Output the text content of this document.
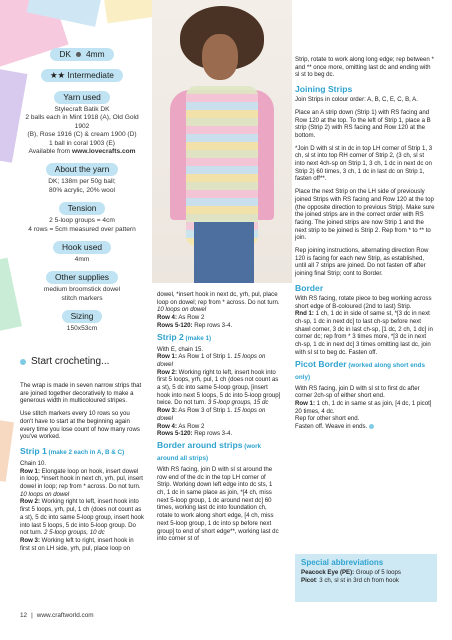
DK 4mm
★★ Intermediate
Yarn used
Stylecraft Batik DK
2 balls each in Mint 1918 (A), Old Gold 1902
(B), Rose 1916 (C) & cream 1900 (D)
1 ball in coral 1903 (E)
Available from www.lovecrafts.com
About the yarn
DK; 138m per 50g ball;
80% acrylic, 20% wool
Tension
2 5-loop groups = 4cm
4 rows = 5cm measured over pattern
Hook used
4mm
Other supplies
medium broomstick dowel
stitch markers
Sizing
150x53cm
Start crocheting...

The wrap is made in seven narrow strips that are joined together decoratively to make a generous width in multicoloured stripes.

Use stitch markers every 10 rows so you don't have to start at the beginning again every time you lose count of how many rows you've worked.

Strip 1 (make 2 each in A, B & C)
Chain 10.
Row 1: Elongate loop on hook, insert dowel in loop, *insert hook in next ch, yrh, pul, insert dowel in loop; rep from * across. Do not turn. 10 loops on dowel
Row 2: Working right to left, insert hook into first 5 loops, yrh, pul, 1 ch (does not count as a st), 5 dc into same 5-loop group, insert hook into last 5 loops, 5 dc into 5-loop group. Do not turn. 2 5-loop groups, 10 dc
Row 3: Working left to right, insert hook in first st on LH side, yrh, pul, place loop on
dowel, *insert hook in next dc, yrh, pul, place loop on dowel; rep from * across. Do not turn. 10 loops on dowel
Row 4: As Row 2
Rows 5-120: Rep rows 3-4.
Strip 2 (make 1)
With E, chain 15.
Row 1: As Row 1 of Strip 1. 15 loops on dowel
Row 2: Working right to left, insert hook into first 5 loops, yrh, pul, 1 ch (does not count as a st), 5 dc into same 5-loop group, [insert hook into next 5 loops, 5 dc into 5-loop group] twice. Do not turn. 3 5-loop groups, 15 dc
Row 3: As Row 3 of Strip 1. 15 loops on dowel
Row 4: As Row 2
Rows 5-120: Rep rows 3-4.
Border around strips (work around all strips)
With RS facing, join D with sl st around the row end of the dc in the top LH corner of Strip. Working down left edge into dc sts, 1 ch, 1 dc in same place as join, *[4 ch, miss next 5-loop group, 1 dc around next dc] 60 times, working last dc into foundation ch, rotate to work along short edge, [4 ch, miss next 5-loop group, 1 dc into sp before next group] to end of short edge**, working last dc into corner st of

Strip, rotate to work along long edge; rep between * and ** once more, omitting last dc and ending with sl st to beg dc.

Joining Strips

Join Strips in colour order: A, B, C, E, C, B, A.

Place an A strip down (Strip 1) with RS facing and Row 120 at the top. To the left of Strip 1, place a B strip (Strip 2) with RS facing and Row 120 at the bottom.

*Join D with sl st in dc in top LH corner of Strip 1, 3 ch, sl st into top RH corner of Strip 2, (3 ch, sl st into next 4ch-sp on Strip 1, 3 ch, 1 dc in next dc on Strip 2) 60 times, 3 ch, 1 dc in last dc on Strip 1, fasten off**.

Place the next Strip on the LH side of previously joined Strips with RS facing and Row 120 at the top (the opposite direction to previous Strip). Make sure the joined strips are in the correct order with RS facing. The joined strips are now Strip 1 and the next strip to be joined is Strip 2. Rep from * to ** to join.

Rep joining instructions, alternating direction Row 120 is facing for each new Strip, as established, until all 7 strips are joined. Do not fasten off after joining final Strip; cont to Border.

Border
With RS facing, rotate piece to beg working across short edge of B-coloured (2nd to last) Strip.
Rnd 1: 1 ch, 1 dc in side of same st, *[3 dc in next ch-sp, 1 dc in next dc] to last ch-sp before next shawl corner, 3 dc in last ch-sp, [1 dc, 2 ch, 1 dc] in corner dc; rep from * 3 times more, *[3 dc in next ch-sp, 1 dc in next dc] 3 times omitting last dc, join with sl st to beg dc. Fasten off.
Picot Border (worked along short ends only)
With RS facing, join D with sl st to first dc after corner 2ch-sp of either short end.
Row 1: 1 ch, 1 dc in same st as join, [4 dc, 1 picot] 20 times, 4 dc.
Rep for other short end.
Fasten off. Weave in ends.
Special abbreviations
Peacock Eye (PE): Group of 5 loops
Picot: 3 ch, sl st in 3rd ch from hook
12 | www.craftworld.com
